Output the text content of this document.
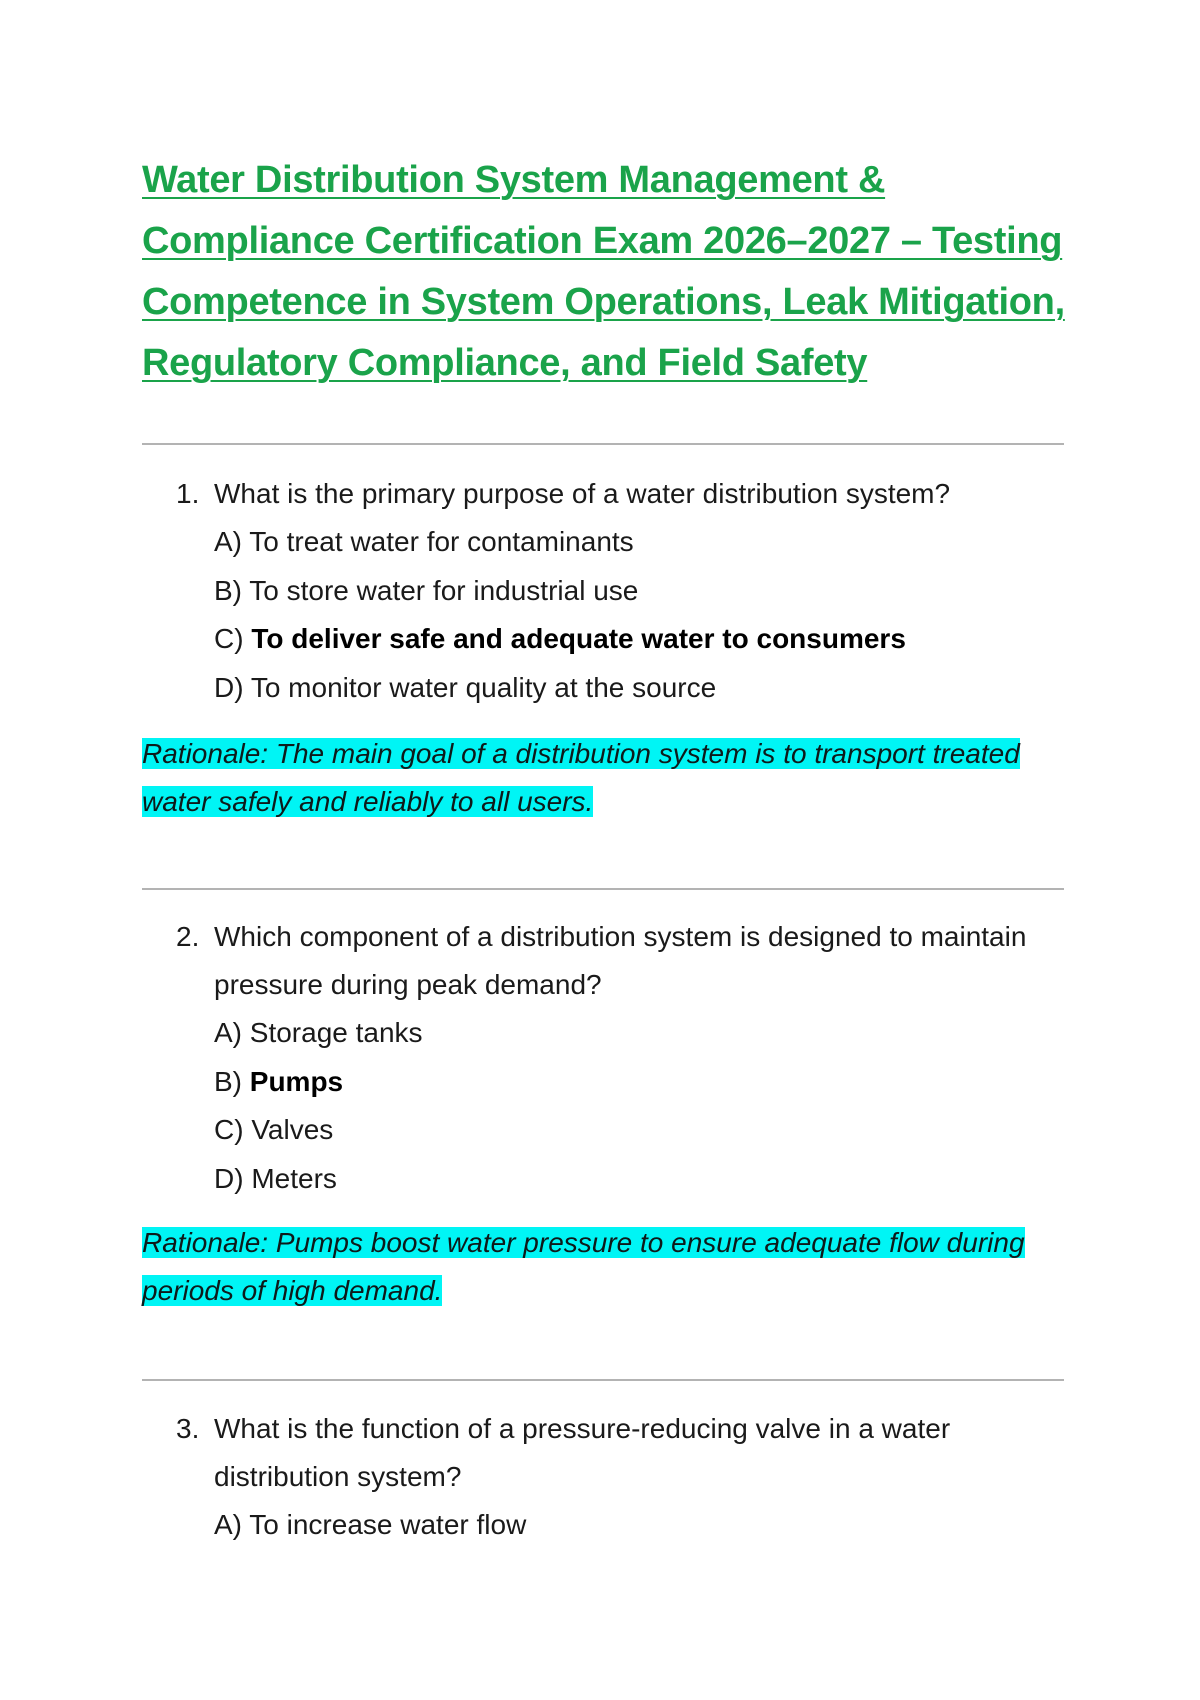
Water Distribution System Management & Compliance Certification Exam 2026–2027 – Testing Competence in System Operations, Leak Mitigation, Regulatory Compliance, and Field Safety

1. What is the primary purpose of a water distribution system?

A) To treat water for contaminants

B) To store water for industrial use

C) To deliver safe and adequate water to consumers

D) To monitor water quality at the source

Rationale: The main goal of a distribution system is to transport treated water safely and reliably to all users.

2. Which component of a distribution system is designed to maintain pressure during peak demand?

A) Storage tanks

B) Pumps

C) Valves

D) Meters

Rationale: Pumps boost water pressure to ensure adequate flow during periods of high demand.

3. What is the function of a pressure-reducing valve in a water distribution system?

A) To increase water flow
